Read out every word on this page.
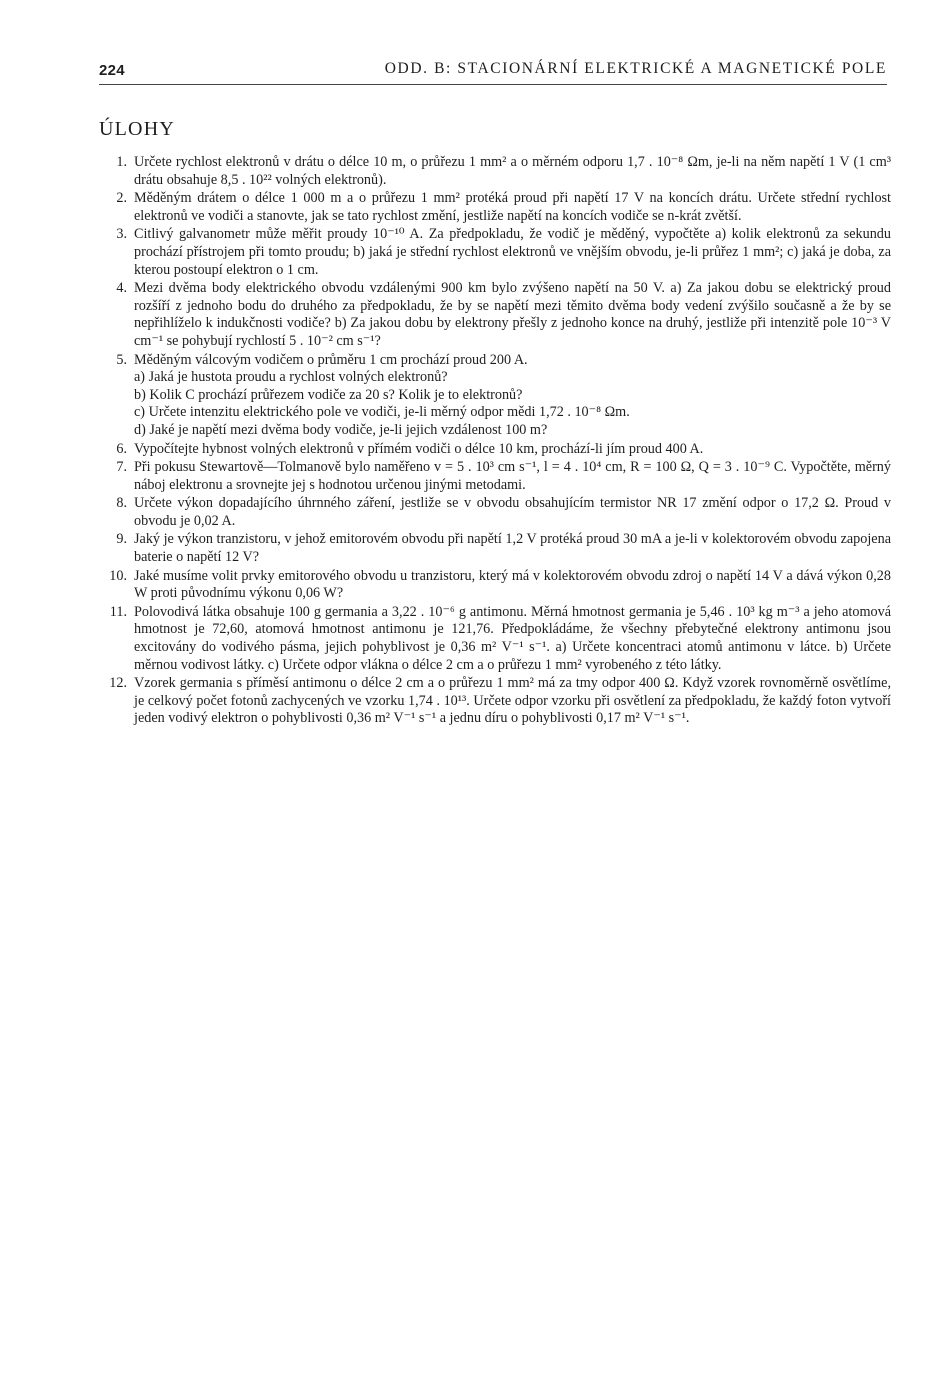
224	ODD. B: STACIONÁRNÍ ELEKTRICKÉ A MAGNETICKÉ POLE
ÚLOHY
1. Určete rychlost elektronů v drátu o délce 10 m, o průřezu 1 mm² a o měrném odporu 1,7 . 10⁻⁸ Ωm, je-li na něm napětí 1 V (1 cm³ drátu obsahuje 8,5 . 10²² volných elektronů).
2. Měděným drátem o délce 1 000 m a o průřezu 1 mm² protéká proud při napětí 17 V na koncích drátu. Určete střední rychlost elektronů ve vodiči a stanovte, jak se tato rychlost změní, jestliže napětí na koncích vodiče se n-krát zvětší.
3. Citlivý galvanometr může měřit proudy 10⁻¹⁰ A. Za předpokladu, že vodič je měděný, vypočtěte a) kolik elektronů za sekundu prochází přístrojem při tomto proudu; b) jaká je střední rychlost elektronů ve vnějším obvodu, je-li průřez 1 mm²; c) jaká je doba, za kterou postoupí elektron o 1 cm.
4. Mezi dvěma body elektrického obvodu vzdálenými 900 km bylo zvýšeno napětí na 50 V. a) Za jakou dobu se elektrický proud rozšíří z jednoho bodu do druhého za předpokladu, že by se napětí mezi těmito dvěma body vedení zvýšilo současně a že by se nepřihlíželo k indukčnosti vodiče? b) Za jakou dobu by elektrony přešly z jednoho konce na druhý, jestliže při intenzitě pole 10⁻³ V cm⁻¹ se pohybují rychlostí 5 . 10⁻² cm s⁻¹?
5. Měděným válcovým vodičem o průměru 1 cm prochází proud 200 A.
a) Jaká je hustota proudu a rychlost volných elektronů?
b) Kolik C prochází průřezem vodiče za 20 s? Kolik je to elektronů?
c) Určete intenzitu elektrického pole ve vodiči, je-li měrný odpor mědi 1,72 . 10⁻⁸ Ωm.
d) Jaké je napětí mezi dvěma body vodiče, je-li jejich vzdálenost 100 m?
6. Vypočítejte hybnost volných elektronů v přímém vodiči o délce 10 km, prochází-li jím proud 400 A.
7. Při pokusu Stewartově—Tolmanově bylo naměřeno v = 5 . 10³ cm s⁻¹, l = 4 . 10⁴ cm, R = 100 Ω, Q = 3 . 10⁻⁹ C. Vypočtěte, měrný náboj elektronu a srovnejte jej s hodnotou určenou jinými metodami.
8. Určete výkon dopadajícího úhrnného záření, jestliže se v obvodu obsahujícím termistor NR 17 změní odpor o 17,2 Ω. Proud v obvodu je 0,02 A.
9. Jaký je výkon tranzistoru, v jehož emitorovém obvodu při napětí 1,2 V protéká proud 30 mA a je-li v kolektorovém obvodu zapojena baterie o napětí 12 V?
10. Jaké musíme volit prvky emitorového obvodu u tranzistoru, který má v kolektorovém obvodu zdroj o napětí 14 V a dává výkon 0,28 W proti původnímu výkonu 0,06 W?
11. Polovodivá látka obsahuje 100 g germania a 3,22 . 10⁻⁶ g antimonu. Měrná hmotnost germania je 5,46 . 10³ kg m⁻³ a jeho atomová hmotnost je 72,60, atomová hmotnost antimonu je 121,76. Předpokládáme, že všechny přebytečné elektrony antimonu jsou excitovány do vodivého pásma, jejich pohyblivost je 0,36 m² V⁻¹ s⁻¹. a) Určete koncentraci atomů antimonu v látce. b) Určete měrnou vodivost látky. c) Určete odpor vlákna o délce 2 cm a o průřezu 1 mm² vyrobeného z této látky.
12. Vzorek germania s příměsí antimonu o délce 2 cm a o průřezu 1 mm² má za tmy odpor 400 Ω. Když vzorek rovnoměrně osvětlíme, je celkový počet fotonů zachycených ve vzorku 1,74 . 10¹³. Určete odpor vzorku při osvětlení za předpokladu, že každý foton vytvoří jeden vodivý elektron o pohyblivosti 0,36 m² V⁻¹ s⁻¹ a jednu díru o pohyblivosti 0,17 m² V⁻¹ s⁻¹.
